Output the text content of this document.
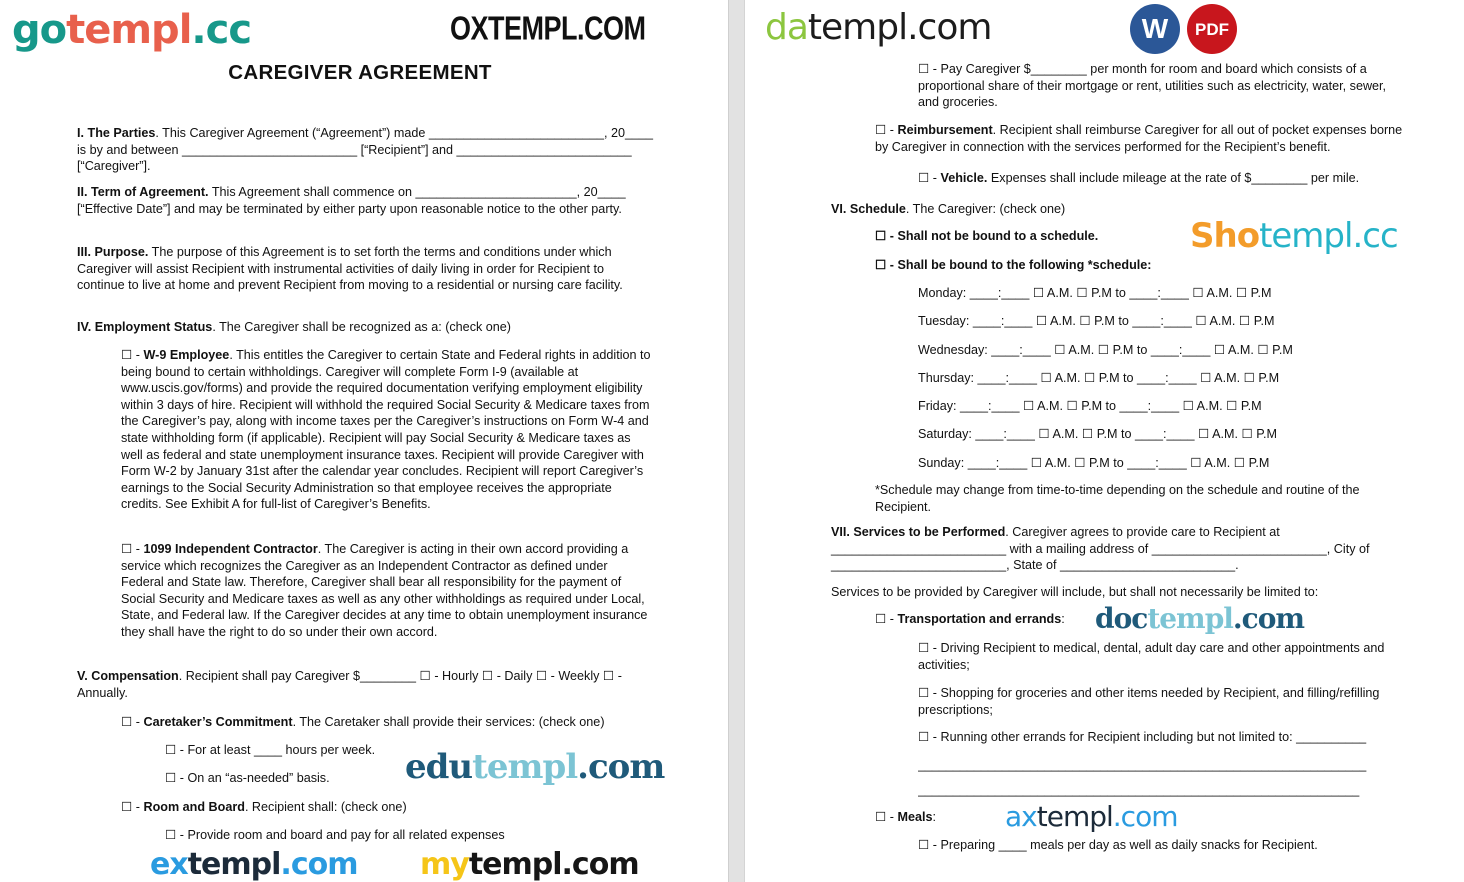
CAREGIVER AGREEMENT

I. The Parties. This Caregiver Agreement (“Agreement”) made _________________________, 20____ is by and between _________________________ [“Recipient”] and _________________________ [“Caregiver”].

II. Term of Agreement. This Agreement shall commence on _______________________, 20____ [“Effective Date”] and may be terminated by either party upon reasonable notice to the other party.

III. Purpose. The purpose of this Agreement is to set forth the terms and conditions under which Caregiver will assist Recipient with instrumental activities of daily living in order for Recipient to continue to live at home and prevent Recipient from moving to a residential or nursing care facility.

IV. Employment Status. The Caregiver shall be recognized as a: (check one)

☐ - W-9 Employee. This entitles the Caregiver to certain State and Federal rights in addition to being bound to certain withholdings. Caregiver will complete Form I-9 (available at www.uscis.gov/forms) and provide the required documentation verifying employment eligibility within 3 days of hire. Recipient will withhold the required Social Security & Medicare taxes from the Caregiver’s pay, along with income taxes per the Caregiver’s instructions on Form W-4 and state withholding form (if applicable). Recipient will pay Social Security & Medicare taxes as well as federal and state unemployment insurance taxes. Recipient will provide Caregiver with Form W-2 by January 31st after the calendar year concludes. Recipient will report Caregiver’s earnings to the Social Security Administration so that employee receives the appropriate credits. See Exhibit A for full-list of Caregiver’s Benefits.

☐ - 1099 Independent Contractor. The Caregiver is acting in their own accord providing a service which recognizes the Caregiver as an Independent Contractor as defined under Federal and State law. Therefore, Caregiver shall bear all responsibility for the payment of Social Security and Medicare taxes as well as any other withholdings as required under Local, State, and Federal law. If the Caregiver decides at any time to obtain unemployment insurance they shall have the right to do so under their own accord.

V. Compensation. Recipient shall pay Caregiver $________ ☐ - Hourly ☐ - Daily ☐ - Weekly ☐ - Annually.

☐ - Caretaker’s Commitment. The Caretaker shall provide their services: (check one)

☐ - For at least ____ hours per week.

☐ - On an “as-needed” basis.

☐ - Room and Board. Recipient shall: (check one)

☐ - Provide room and board and pay for all related expenses

gotempl.cc	OXTEMPL.COM
edutempl.com
extempl.com mytempl.com

☐ - Pay Caregiver $________ per month for room and board which consists of a proportional share of their mortgage or rent, utilities such as electricity, water, sewer, and groceries.

☐ - Reimbursement. Recipient shall reimburse Caregiver for all out of pocket expenses borne by Caregiver in connection with the services performed for the Recipient’s benefit.

☐ - Vehicle. Expenses shall include mileage at the rate of $________ per mile.

VI. Schedule. The Caregiver: (check one)

☐ - Shall not be bound to a schedule.

☐ - Shall be bound to the following *schedule:

Monday: ____:____ ☐ A.M. ☐ P.M to ____:____ ☐ A.M. ☐ P.M

Tuesday: ____:____ ☐ A.M. ☐ P.M to ____:____ ☐ A.M. ☐ P.M

Wednesday: ____:____ ☐ A.M. ☐ P.M to ____:____ ☐ A.M. ☐ P.M

Thursday: ____:____ ☐ A.M. ☐ P.M to ____:____ ☐ A.M. ☐ P.M

Friday: ____:____ ☐ A.M. ☐ P.M to ____:____ ☐ A.M. ☐ P.M

Saturday: ____:____ ☐ A.M. ☐ P.M to ____:____ ☐ A.M. ☐ P.M

Sunday: ____:____ ☐ A.M. ☐ P.M to ____:____ ☐ A.M. ☐ P.M

*Schedule may change from time-to-time depending on the schedule and routine of the Recipient.

VII. Services to be Performed. Caregiver agrees to provide care to Recipient at _________________________ with a mailing address of _________________________, City of _________________________, State of _________________________.

Services to be provided by Caregiver will include, but shall not necessarily be limited to:

☐ - Transportation and errands:

☐ - Driving Recipient to medical, dental, adult day care and other appointments and activities;

☐ - Shopping for groceries and other items needed by Recipient, and filling/refilling prescriptions;

☐ - Running other errands for Recipient including but not limited to: __________

________________________________________________________________

_______________________________________________________________

☐ - Meals:

☐ - Preparing ____ meals per day as well as daily snacks for Recipient.

W	PDF
datempl.com
Shotempl.cc
doctempl.com
axtempl.com
